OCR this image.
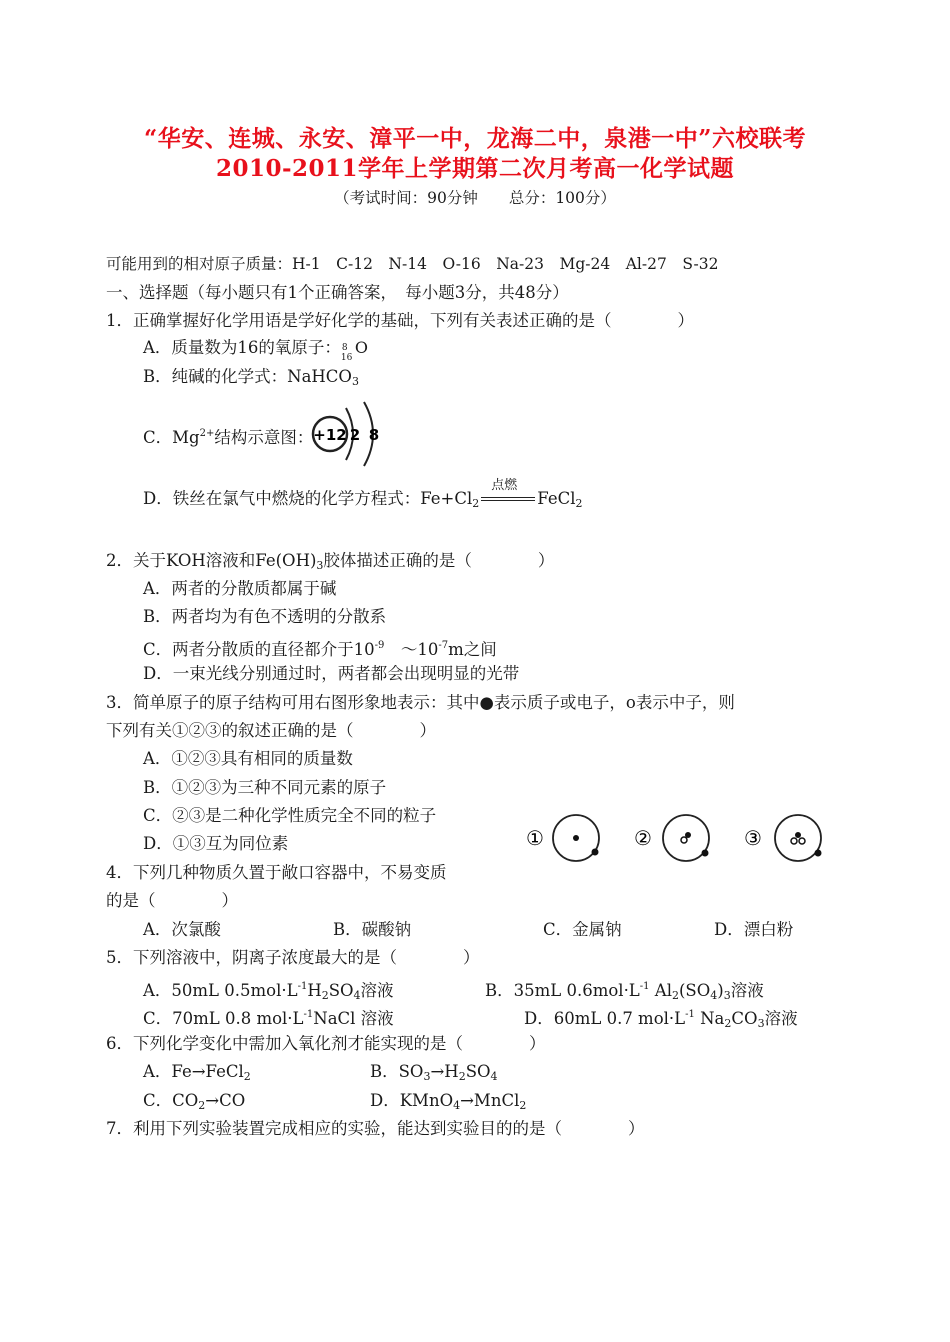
“华安、连城、永安、漳平一中，龙海二中，泉港一中”六校联考
2010-2011学年上学期第二次月考高一化学试题
（考试时间：90分钟　　总分：100分）
可能用到的相对原子质量：H-1　C-12　N-14　O-16　Na-23　Mg-24　Al-27　S-32
一、选择题（每小题只有1个正确答案，　每小题3分，共48分）
1．正确掌握好化学用语是学好化学的基础，下列有关表述正确的是（　　　　）
A．质量数为16的氧原子： 8
16
O
B．纯碱的化学式：NaHCO$_3$
C．$Mg^{2+}$结构示意图： +12 2 8
D．铁丝在氯气中燃烧的化学方程式：$Fe+Cl_2$
点燃
FeCl$_2$
2．关于KOH溶液和$Fe(OH)_3$胶体描述正确的是（　　　　）
A．两者的分散质都属于碱
B．两者均为有色不透明的分散系
C．两者分散质的直径都介于$10^{-9}$　$\sim 10^{-7}m$之间
D．一束光线分别通过时，两者都会出现明显的光带
3．简单原子的原子结构可用右图形象地表示：其中●表示质子或电子，ο表示中子，则
下列有关①②③的叙述正确的是（　　　　）
A．①②③具有相同的质量数
B．①②③为三种不同元素的原子
C．②③是二种化学性质完全不同的粒子
D．①③互为同位素	①	②	③
4．下列几种物质久置于敞口容器中，不易变质
的是（　　　　）
A．次氯酸	B．碳酸钠	C．金属钠	D．漂白粉
5．下列溶液中，阴离子浓度最大的是（　　　　）
A．50mL $0.5mol\cdot L^{-1}H_2SO_4$溶液	B．35mL $0.6mol\cdot L^{-1}$ $Al_2(SO_4)_3$溶液
C．70mL 0.8 $mol\cdot L^{-1}NaCl$ 溶液	D．60mL 0.7 $mol\cdot L^{-1}$ $Na_2CO_3$溶液
6．下列化学变化中需加入氧化剂才能实现的是（　　　　）
A．Fe→FeCl$_2$	B．$SO_3\to H_2SO_4$
C．$CO_2\to CO$	D．KMnO$_4$→MnCl$_2$
7．利用下列实验装置完成相应的实验，能达到实验目的的是（　　　　）
